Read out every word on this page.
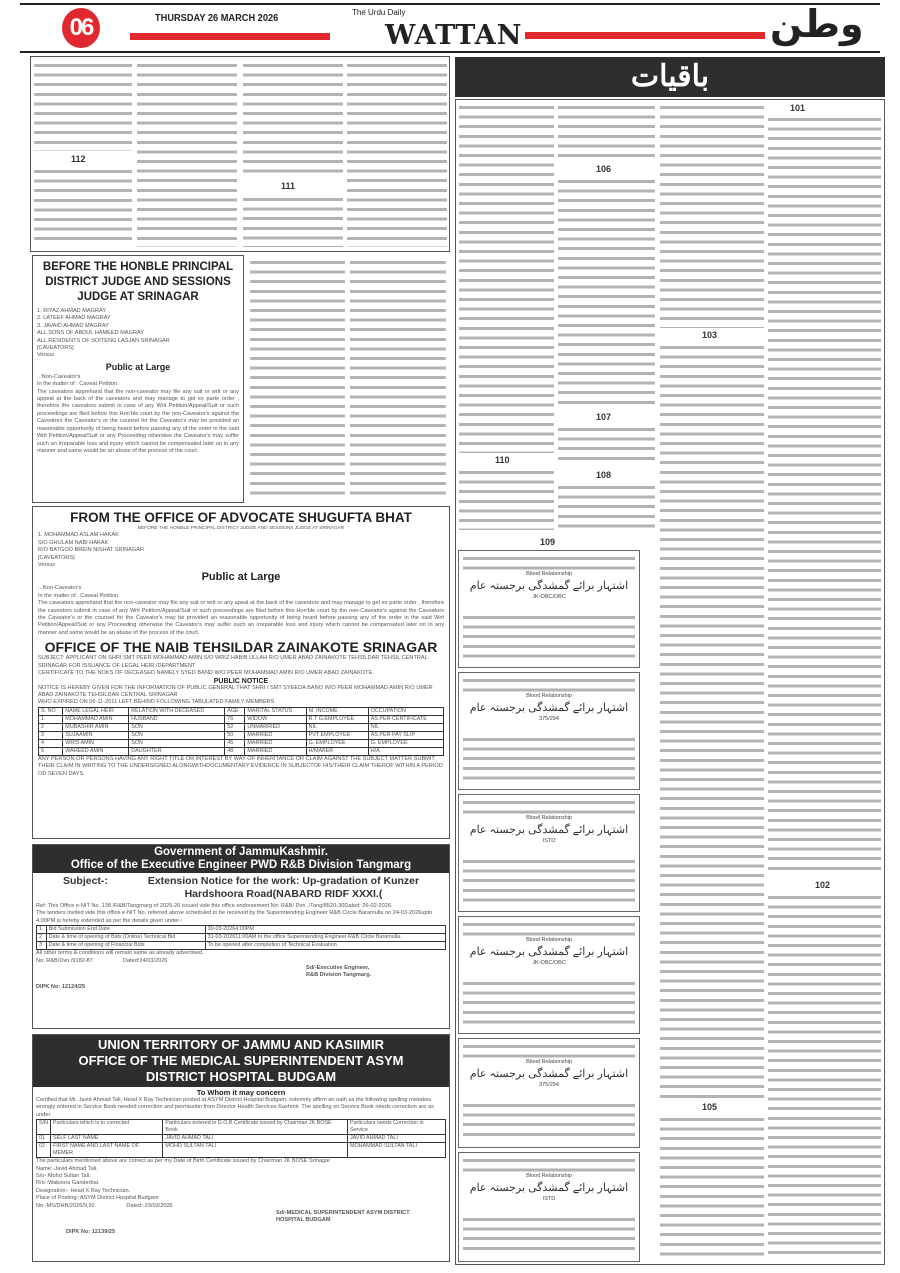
06	THURSDAY 26 MARCH 2026	The Urdu Daily
WATTAN	وطن
112
111
BEFORE THE HONBLE PRINCIPAL DISTRICT JUDGE AND SESSIONS JUDGE AT SRINAGAR
1. RIYAZ AHMAD MAGRAY
2. LATEEF AHMAD MAGRAY
3. JAVAID AHMAD MAGRAY
ALL SONS OF ABDUL HAMEED MAGRAY
ALL RESIDENTS OF SOITENG LASJAN SRINAGAR
[CAVEATORS]
Versus
Public at Large
...Non-Caveator's
In the matter of : Caveat Petition.
The caveators apprehand that the non-caveator may file any suit or writ or any appeal at the back of the caveators and may manage to get ex parte order , therefore the caveators submit in case of any Writ Petition/Appeal/Suit or such proceedings are filed before this Hon'ble court by the non-Caveator's against the Caveators the Caveator's or the counsel for the Caveator's may be provided an reasonable opportunity of being heard before passing any of the order in the said Writ Petition/Appeal/Suit or any Proceeding otherwise the Caveator's may suffer such an irreparable loss and injury which cannot be compensated later on in any manner and same would be an abuse of the process of the court.
FROM THE OFFICE OF ADVOCATE SHUGUFTA BHAT
BEFORE THE HONBLE PRINCIPAL DISTRICT JUDGE AND SESSIONS JUDGE AT SRINAGAR
1. MOHAMMAD ASLAM HAKAK
S/O GHULAM NABI HAKAK
R/O BATGOO BREIN NISHAT SRINAGAR
[CAVEATORS]
Versus
Public at Large
...Non-Caveator's
In the matter of : Caveat Petition.
The caveators apprehand that the non-caveator may file any suit or writ or any apeal at the back of the caveators and may manage to get ex parte order , therefore the caveators submit in case of any Writ Petition/Appeal/Suit or such proceedings are filed before this Hon'ble court by the non-Caveator's against the Caveators the Caveator's or the counsel for the Caveator's may be provided an reasonable opportunity of being heard before passing any of the order in the said Writ Petition/Appeal/Suit or any Proceeding otherwise the Caveator's may suffer such an irreparable loss and injury which cannot be compensated later on in any manner and same would be an abuse of the process of the court.
OFFICE OF THE NAIB TEHSILDAR ZAINAKOTE SRINAGAR
SUBJECT: APPLICANT ON SHRI SMT PEER MOHAMMAD AMIN S/O WRIZ HABIB ULLAH R/O UMER ABAD ZAINAKOTE TEHSILDAR TEHSIL CENTRAL SRINAGAR FOR ISSUANCE OF LEGAL HEIR /DEPARTMENT
CERTIFICATE TO THE NOKS OF DECEASED NAMELY SYED BAND W/O PEER MOHAMMAD AMIN R/O UMER ABAD ZAINAKOTE.
PUBLIC NOTICE
NOTICE IS HEREBY GIVEN FOR THE INFORMATION OF PUBLIC GENERAL THAT SHRI / SMT SYEEDA BANO W/O PEER MOHAMMAD AMIN R/O UMER ABAD ZAINAKOTE TEHSILDAR CENTRAL SRINAGAR
WHO EXPIRED ON 06-11-2011 LEFT BEHIND FOLLOWING TABULATED FAMILY MEMBERS
S. NO	NAME LEGAL HEIR	RELATION WITH DECEASED	AGE	MARITAL STATUS	M. INCOME	OCCUPATION
1.	MOHAMMAD AMIN	HUSBAND	76	WIDOW	R.T G.EMPLOYEE	AS PER CERTIFICATE
2	MUBASHIR AMIN	SON	52	UNMARRIED	NIL	NIL
3	SUJAAMIN	SON	50	MARRIED	PVT EMPLOYEE	AS PER PAY SLIP
4	WRIS AMIN	SON	45	MARRIED	G. EMPLOYEE	G. EMPLOYEE
5	WAHEED AMIN	DAUGHTER	48	MARRIED	H/MAKER	H/A
ANY PERSON OR PERSONS HAVING ANY RIGHT TITLE OR INTEREST BY WAY OF INHERITANCE OR CLAIM AGAINST THE SUBJECT MATTER SUBMIT THEIR CLAIM IN WRITING TO THE UNDERSIGNED ALONGWITHDOCUMENTARY EVIDENCE IN SUBJECTOF HIS/THEIR CLAIM THEROF WITHIN A PERIOD OD SEVEN DAYS
Government of JammuKashmir.
Office of the Executive Engineer PWD R&B Division Tangmarg
Subject-:	Extension Notice for the work: Up-gradation of Kunzer Hardshoora Road(NABARD RIDF XXXI.(
Ref: This Office e-NIT No. 138 /R&B/Tangmarg of 2025-26 issued vide this office endorsement No: R&B/ Dvn ./Tang/8520-30Dated: 26-02-2026.
The tenders invited vide this office e-NIT No. referred above scheduled to be received by the Superintending Engineer R&B Circle Baramulla on 24-03-2026upto 4.00PM is hereby extended as per the details given under-:
1	Bid Submission End Date	30-03-20264:00PM
2	Date & time of opening of Bids (Online) Technical Bid	31-03-202611:00AM In the office Superintending Engineer R&B Circle Baramulla.
3	Date & time of opening of Financial Bids	To be opened after completion of Technical Evaluation
All other terms & conditions will remain same as already advertised.
No: R&B/Dvn./9182-87	Dated:24/03/2026
Sd/-Executive Engineer,
R&B Division Tangmarg.
DIPK No: 12124/25
UNION TERRITORY OF JAMMU AND KASIIMIR
OFFICE OF THE MEDICAL SUPERINTENDENT ASYM
DISTRICT HOSPITAL BUDGAM
To Whom it may concern
Certified that Mr. Javid Ahmad Tali, Head X Ray Technician posted at ASYM District Hospital Budgam, solemnly affirm an oath as the following spelling mistakes wrongly entered in Service Book needed correction and permission from Director Health Services Kashmir. The spelling on Service Book needs correction are as under.
S/N	Particulars which is to corrected	Particulars entered in D.O.B Certificate issued by Chairman JK BOSE Book	Particulars needs Correction in Service
01	SELF LAST NAME	JAVID AHMAD TALI	JAVID AHMAD TALI
02	FIRST NAME AND LAST NAME OF MEMER	MOHD SULTAN TALI	MOHAMMAD SULTAN TALI
The particulars mentioned above are correct as per my Date of Birth Certificate issued by Chairman JK BOSE Srinagar
Name:-Javid Ahmad Tali.
S/o-:Mohd Sultan Tali.
R/o-:Wakoora Ganderbal.
Designation:- Head X Ray Technician.
Place of Posting-:ASYM District Hospital Budgam
No:-MS/DHB/2026/9,92.	Dated:-23/03/2026
Sd/-MEDICAL SUPERINTENDENT ASYM DISTRICT
HOSPITAL BUDGAM
DIPK No: 12139/25
باقیات
101
102
103
105
106
107
108
109
110
Blood Relationship
اشتہار برائے گمشدگی برجستہ عام
JK-OBC/OBC
Blood Relationship
اشتہار برائے گمشدگی برجستہ عام
375/294
Blood Relationship
اشتہار برائے گمشدگی برجستہ عام
ISTD
Blood Relationship
اشتہار برائے گمشدگی برجستہ عام
JK-OBC/OBC
Blood Relationship
اشتہار برائے گمشدگی برجستہ عام
375/294
Blood Relationship
اشتہار برائے گمشدگی برجستہ عام
ISTD
